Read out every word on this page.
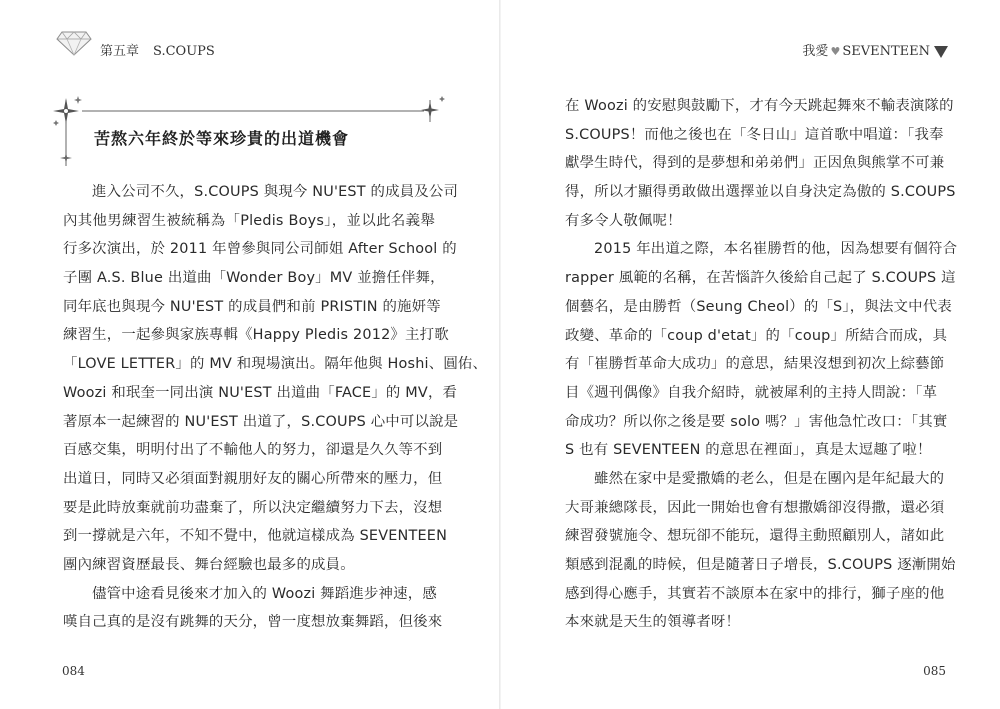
第五章 S.COUPS
苦熬六年終於等來珍貴的出道機會
進入公司不久，S.COUPS 與現今 NU'EST 的成員及公司
內其他男練習生被統稱為「Pledis Boys」，並以此名義舉
行多次演出，於 2011 年曾參與同公司師姐 After School 的
子團 A.S. Blue 出道曲「Wonder Boy」MV 並擔任伴舞，
同年底也與現今 NU'EST 的成員們和前 PRISTIN 的施妍等
練習生，一起參與家族專輯《Happy Pledis 2012》主打歌
「LOVE LETTER」的 MV 和現場演出。隔年他與 Hoshi、圓佑、
Woozi 和珉奎一同出演 NU'EST 出道曲「FACE」的 MV，看
著原本一起練習的 NU'EST 出道了，S.COUPS 心中可以說是
百感交集，明明付出了不輸他人的努力，卻還是久久等不到
出道日，同時又必須面對親朋好友的關心所帶來的壓力，但
要是此時放棄就前功盡棄了，所以決定繼續努力下去，沒想
到一撐就是六年，不知不覺中，他就這樣成為 SEVENTEEN
團內練習資歷最長、舞台經驗也最多的成員。
儘管中途看見後來才加入的 Woozi 舞蹈進步神速，感
嘆自己真的是沒有跳舞的天分，曾一度想放棄舞蹈，但後來
084
我愛 ♥ SEVENTEEN
在 Woozi 的安慰與鼓勵下，才有今天跳起舞來不輸表演隊的
S.COUPS！而他之後也在「冬日山」這首歌中唱道：「我奉
獻學生時代，得到的是夢想和弟弟們」正因魚與熊掌不可兼
得，所以才顯得勇敢做出選擇並以自身決定為傲的 S.COUPS
有多令人敬佩呢！
2015 年出道之際，本名崔勝哲的他，因為想要有個符合
rapper 風範的名稱，在苦惱許久後給自己起了 S.COUPS 這
個藝名，是由勝哲（Seung Cheol）的「S」，與法文中代表
政變、革命的「coup d'etat」的「coup」所結合而成，具
有「崔勝哲革命大成功」的意思，結果沒想到初次上綜藝節
目《週刊偶像》自我介紹時，就被犀利的主持人問說：「革
命成功？所以你之後是要 solo 嗎？」害他急忙改口：「其實
S 也有 SEVENTEEN 的意思在裡面」，真是太逗趣了啦！
雖然在家中是愛撒嬌的老么，但是在團內是年紀最大的
大哥兼總隊長，因此一開始也會有想撒嬌卻沒得撒，還必須
練習發號施令、想玩卻不能玩，還得主動照顧別人，諸如此
類感到混亂的時候，但是隨著日子增長，S.COUPS 逐漸開始
感到得心應手，其實若不談原本在家中的排行，獅子座的他
本來就是天生的領導者呀！
085
